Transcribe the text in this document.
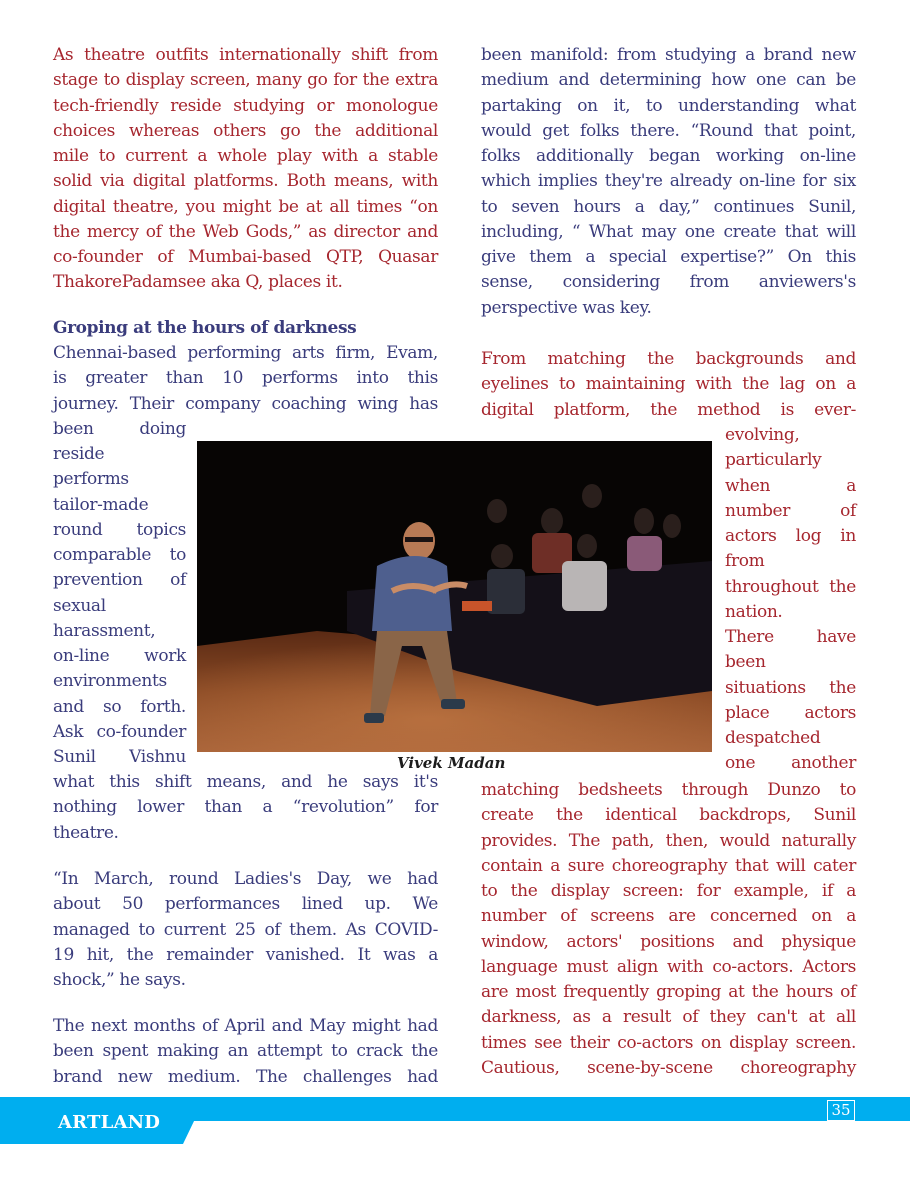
Groping at the hours of darkness
Vivek Madan
ARTLAND
35
As theatre outfits internationally shift from
stage to display screen, many go for the extra
tech-friendly reside studying or monologue
choices whereas others go the additional
mile to current a whole play with a stable
solid via digital platforms. Both means, with
digital theatre, you might be at all times “on
the mercy of the Web Gods,” as director and
co-founder of Mumbai-based QTP, Quasar
ThakorePadamsee aka Q, places it.
Chennai-based performing arts firm, Evam,
is greater than 10 performs into this
journey. Their company coaching wing has
been doing
reside
performs
tailor-made
round topics
comparable to
prevention of
sexual
harassment,
on-line work
environments
and so forth.
Ask co-founder
Sunil Vishnu
what this shift means, and he says it's
nothing lower than a “revolution” for
theatre.
“In March, round Ladies's Day, we had
about 50 performances lined up. We
managed to current 25 of them. As COVID-
19 hit, the remainder vanished. It was a
shock,” he says.
The next months of April and May might had
been spent making an attempt to crack the
brand new medium. The challenges had
been manifold: from studying a brand new
medium and determining how one can be
partaking on it, to understanding what
would get folks there. “Round that point,
folks additionally began working on-line
which implies they're already on-line for six
to seven hours a day,” continues Sunil,
including, “ What may one create that will
give them a special expertise?” On this
sense, considering from anviewers's
perspective was key.
From matching the backgrounds and
eyelines to maintaining with the lag on a
digital platform, the method is ever-
evolving,
particularly
when a
number of
actors log in
from
throughout the
nation.
There have
been
situations the
place actors
despatched
one another
matching bedsheets through Dunzo to
create the identical backdrops, Sunil
provides. The path, then, would naturally
contain a sure choreography that will cater
to the display screen: for example, if a
number of screens are concerned on a
window, actors' positions and physique
language must align with co-actors. Actors
are most frequently groping at the hours of
darkness, as a result of they can't at all
times see their co-actors on display screen.
Cautious, scene-by-scene choreography
